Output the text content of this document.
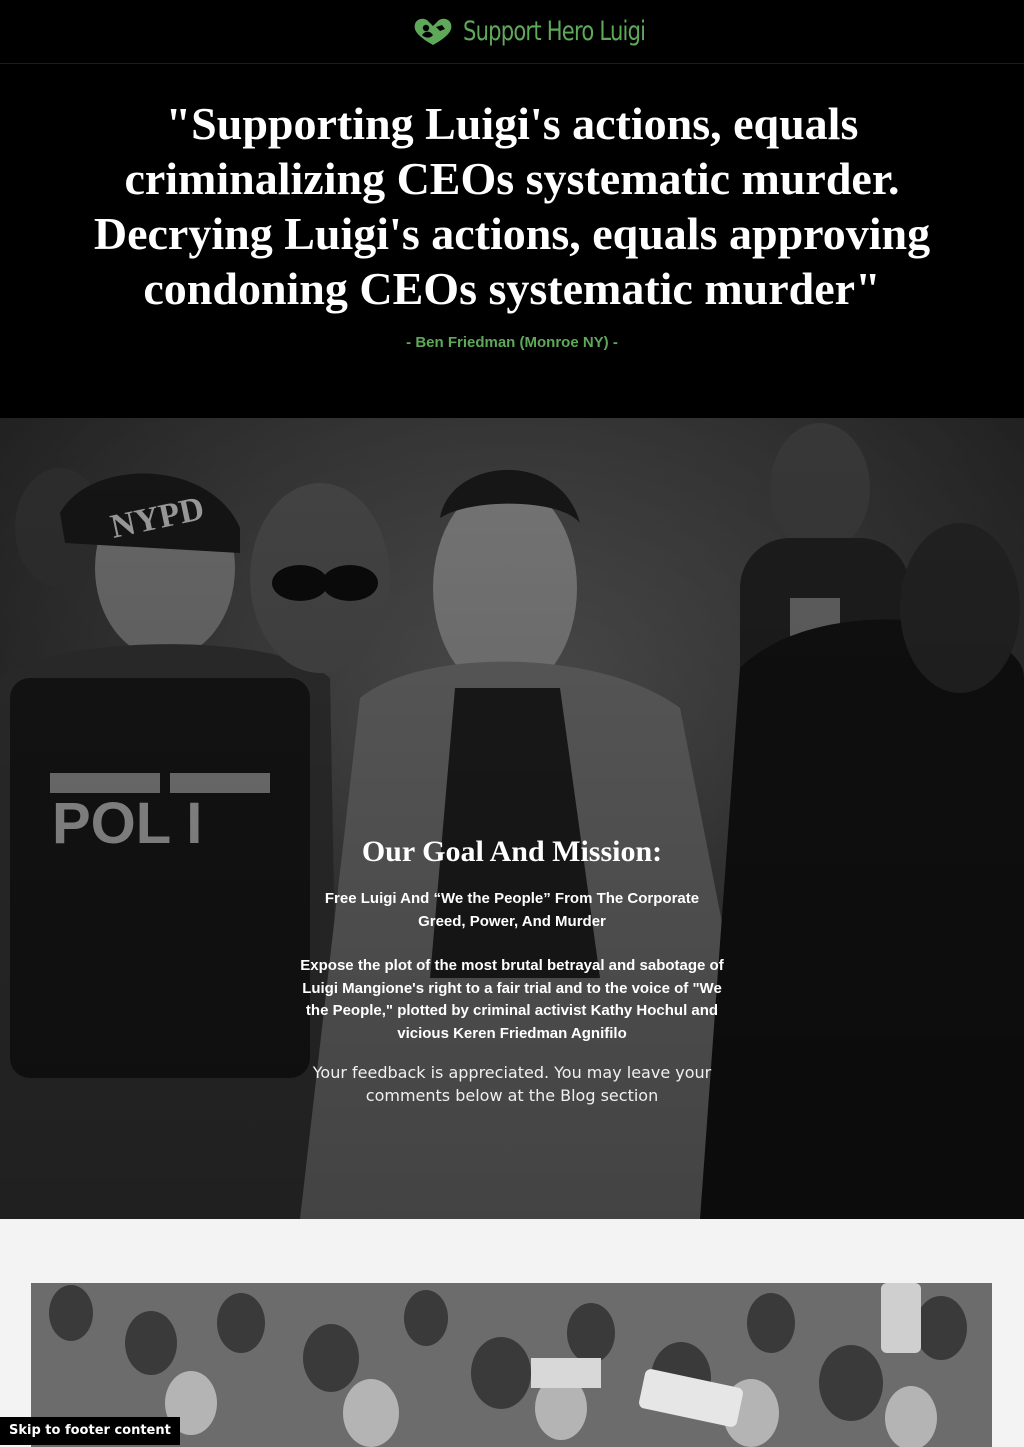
Support Hero Luigi
"Supporting Luigi's actions, equals criminalizing CEOs systematic murder. Decrying Luigi's actions, equals approving condoning CEOs systematic murder"
- Ben Friedman (Monroe NY) -
Our Goal And Mission:

Free Luigi And “We the People” From The Corporate Greed, Power, And Murder

Expose the plot of the most brutal betrayal and sabotage of Luigi Mangione's right to a fair trial and to the voice of "We the People," plotted by criminal activist Kathy Hochul and vicious Keren Friedman Agnifilo

Your feedback is appreciated. You may leave your comments below at the Blog section

Skip to footer content
